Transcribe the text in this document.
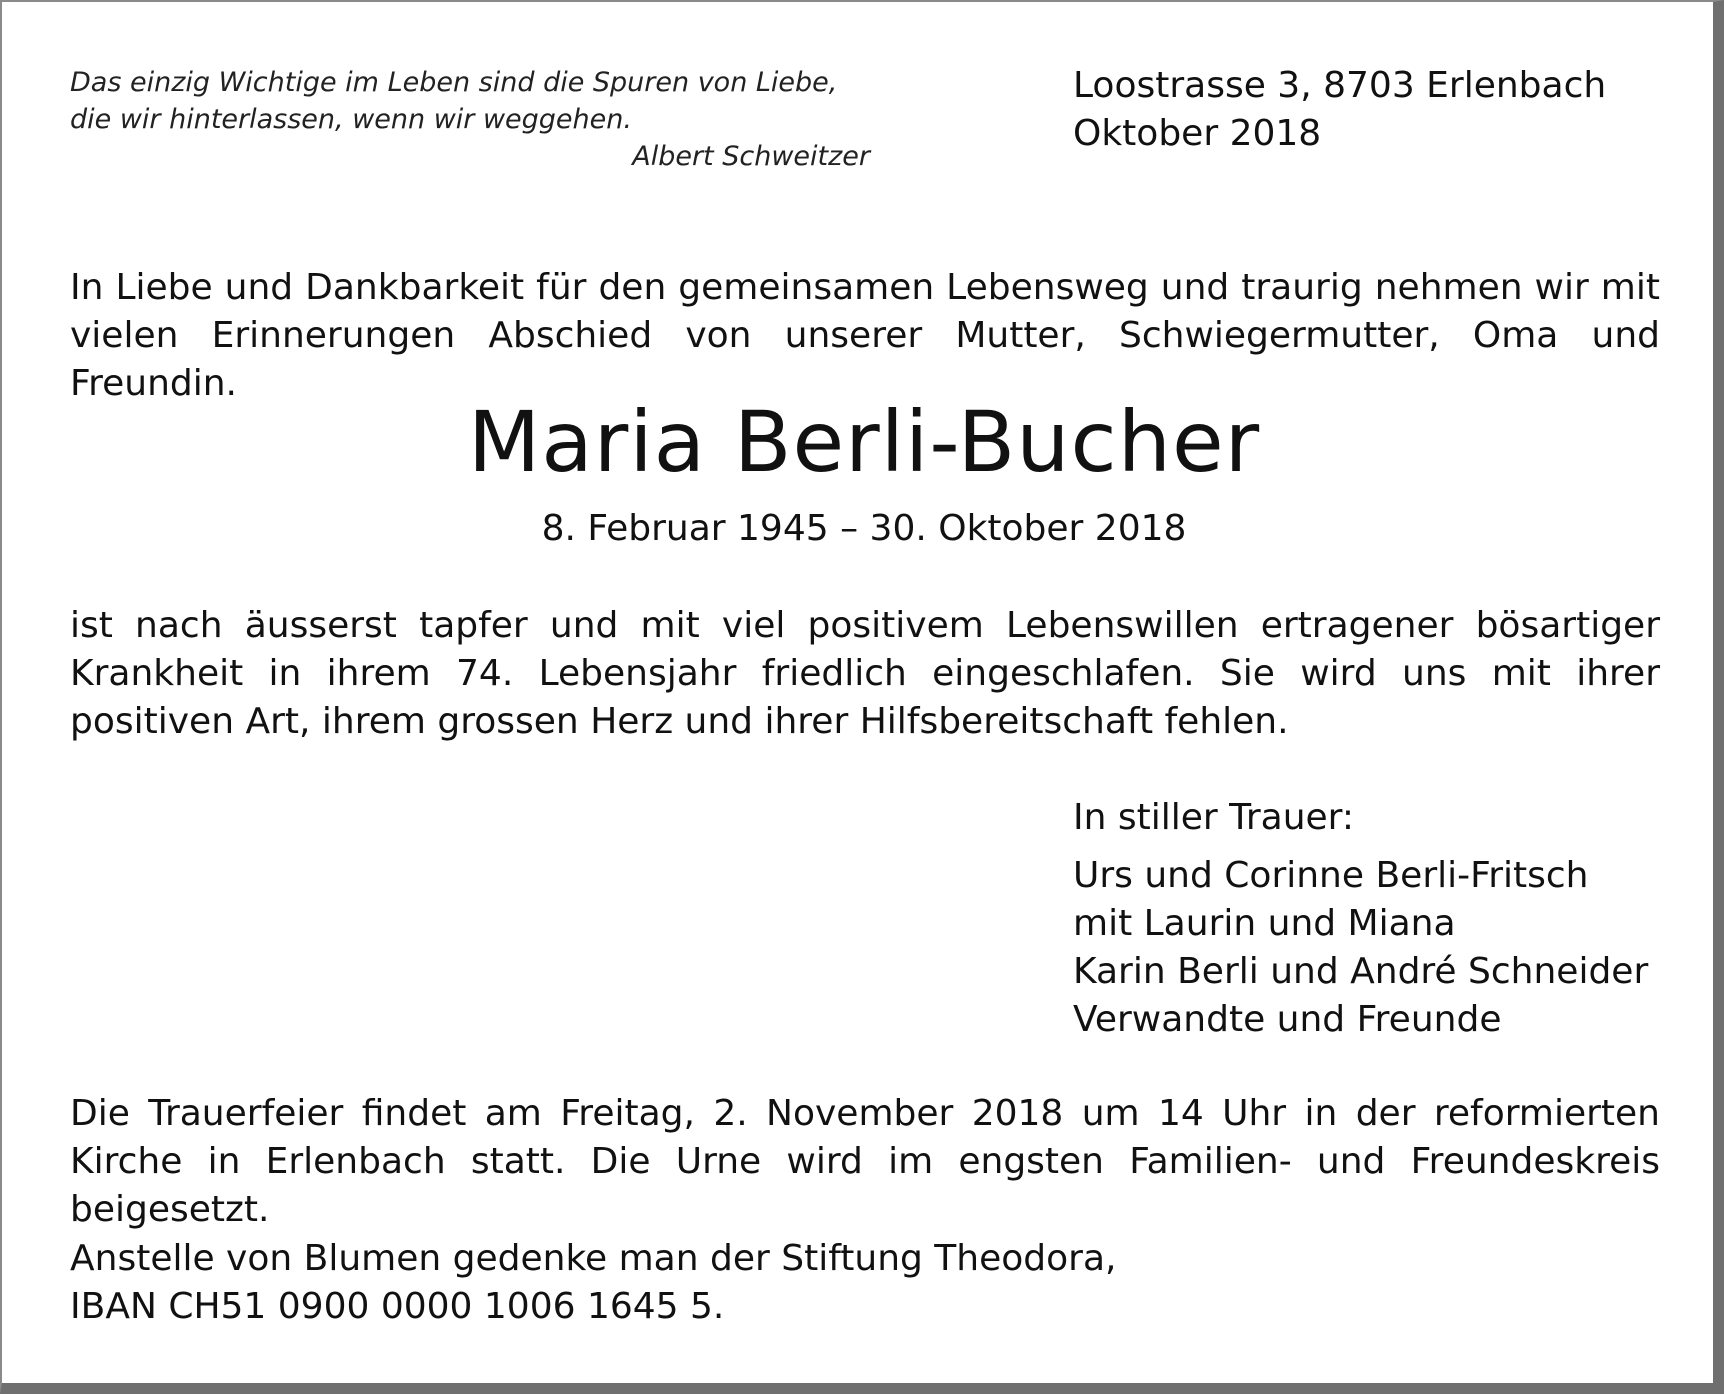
Das einzig Wichtige im Leben sind die Spuren von Liebe,
die wir hinterlassen, wenn wir weggehen.
Albert Schweitzer
Loostrasse 3, 8703 Erlenbach
Oktober 2018
In Liebe und Dankbarkeit für den gemeinsamen Lebensweg und traurig nehmen wir mit vielen Erinnerungen Abschied von unserer Mutter, Schwiegermutter, Oma und Freundin.
Maria Berli-Bucher
8. Februar 1945 – 30. Oktober 2018
ist nach äusserst tapfer und mit viel positivem Lebenswillen ertragener bösartiger Krankheit in ihrem 74. Lebensjahr friedlich eingeschlafen. Sie wird uns mit ihrer positiven Art, ihrem grossen Herz und ihrer Hilfsbereitschaft fehlen.
In stiller Trauer:
Urs und Corinne Berli-Fritsch
mit Laurin und Miana
Karin Berli und André Schneider
Verwandte und Freunde
Die Trauerfeier findet am Freitag, 2. November 2018 um 14 Uhr in der reformierten Kirche in Erlenbach statt. Die Urne wird im engsten Familien- und Freundeskreis beigesetzt.
Anstelle von Blumen gedenke man der Stiftung Theodora,
IBAN CH51 0900 0000 1006 1645 5.
